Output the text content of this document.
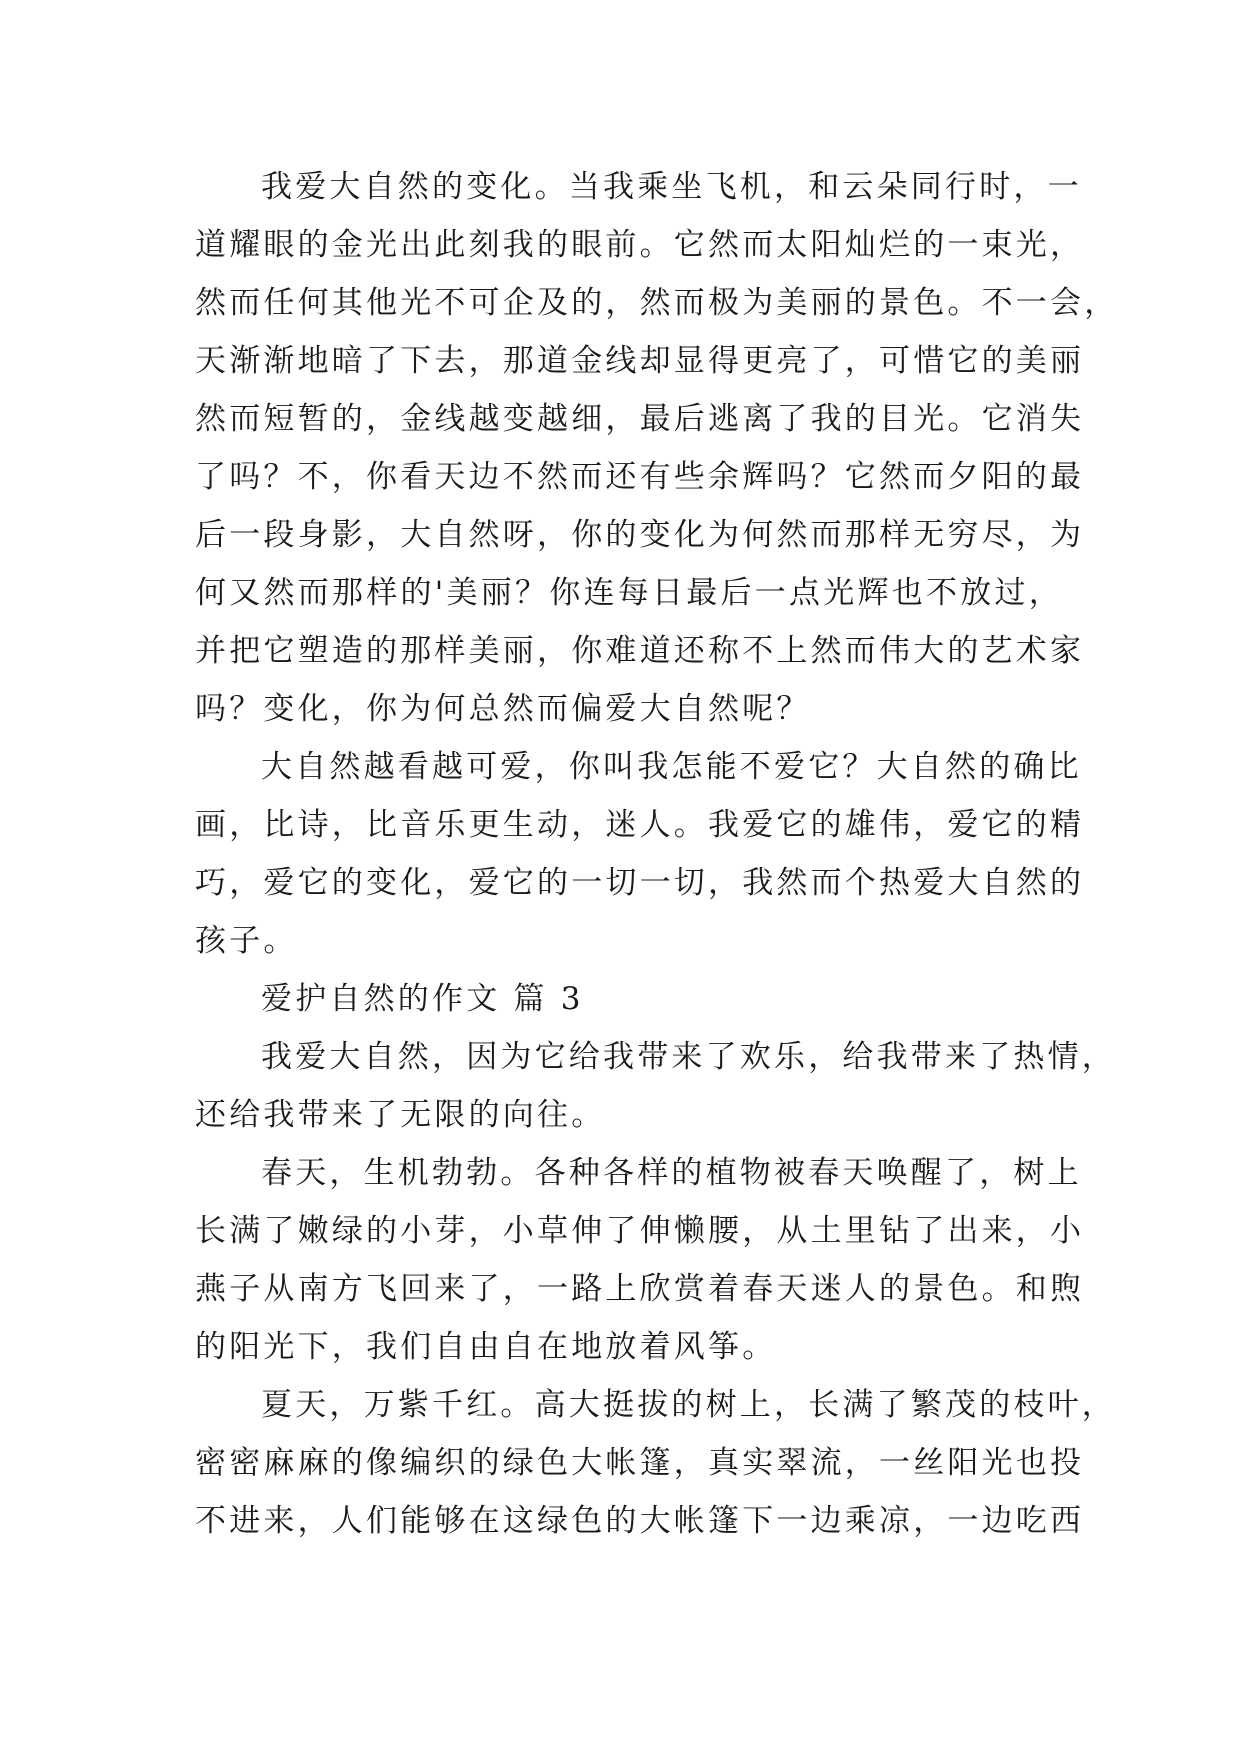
我爱大自然的变化。当我乘坐飞机，和云朵同行时，一
道耀眼的金光出此刻我的眼前。它然而太阳灿烂的一束光，
然而任何其他光不可企及的，然而极为美丽的景色。不一会，
天渐渐地暗了下去，那道金线却显得更亮了，可惜它的美丽
然而短暂的，金线越变越细，最后逃离了我的目光。它消失
了吗？不，你看天边不然而还有些余辉吗？它然而夕阳的最
后一段身影，大自然呀，你的变化为何然而那样无穷尽，为
何又然而那样的'美丽？你连每日最后一点光辉也不放过，
并把它塑造的那样美丽，你难道还称不上然而伟大的艺术家
吗？变化，你为何总然而偏爱大自然呢？
大自然越看越可爱，你叫我怎能不爱它？大自然的确比
画，比诗，比音乐更生动，迷人。我爱它的雄伟，爱它的精
巧，爱它的变化，爱它的一切一切，我然而个热爱大自然的
孩子。
爱护自然的作文 篇 3
我爱大自然，因为它给我带来了欢乐，给我带来了热情，
还给我带来了无限的向往。
春天，生机勃勃。各种各样的植物被春天唤醒了，树上
长满了嫩绿的小芽，小草伸了伸懒腰，从土里钻了出来，小
燕子从南方飞回来了，一路上欣赏着春天迷人的景色。和煦
的阳光下，我们自由自在地放着风筝。
夏天，万紫千红。高大挺拔的树上，长满了繁茂的枝叶，
密密麻麻的像编织的绿色大帐篷，真实翠流，一丝阳光也投
不进来，人们能够在这绿色的大帐篷下一边乘凉，一边吃西
